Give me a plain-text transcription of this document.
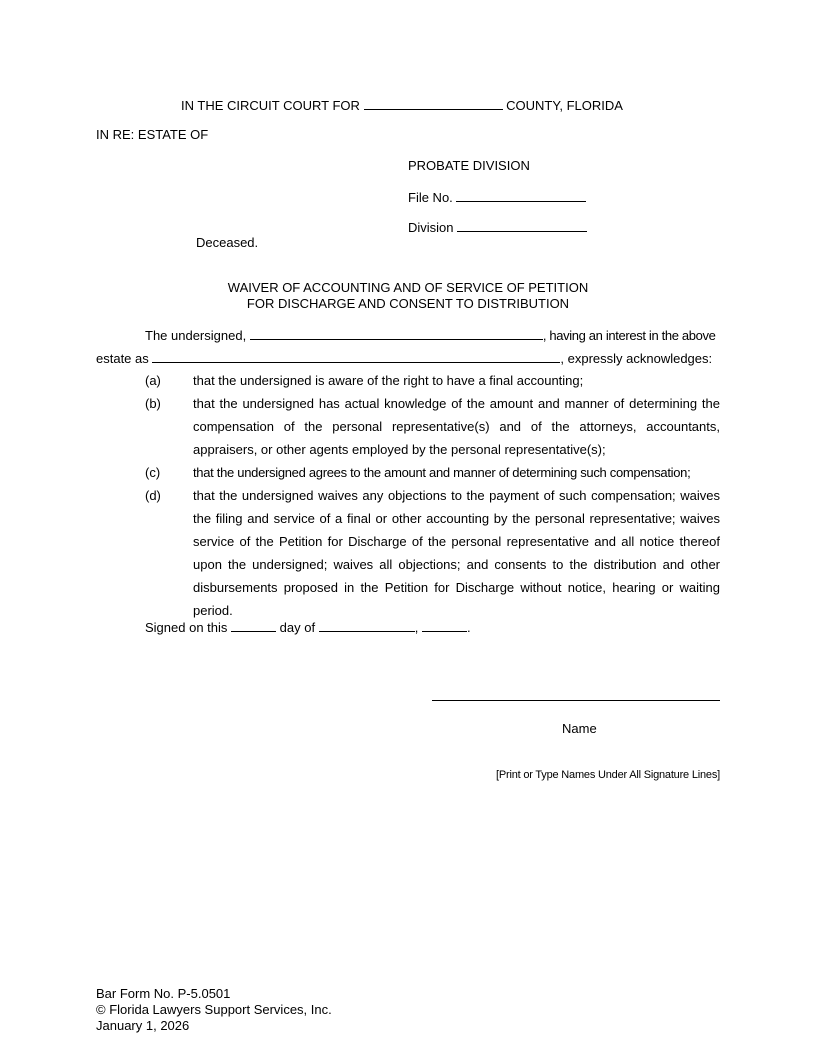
IN THE CIRCUIT COURT FOR	COUNTY, FLORIDA
IN RE: ESTATE OF
PROBATE DIVISION
File No.
Division
Deceased.
WAIVER OF ACCOUNTING AND OF SERVICE OF PETITION
FOR DISCHARGE AND CONSENT TO DISTRIBUTION
The undersigned,	, having an interest in the above
estate as	, expressly acknowledges:
(a) that the undersigned is aware of the right to have a final accounting;
(b) that the undersigned has actual knowledge of the amount and manner of determining the compensation of the personal representative(s) and of the attorneys, accountants, appraisers, or other agents employed by the personal representative(s);
(c)	that the undersigned agrees to the amount and manner of determining such compensation;
(d) that the undersigned waives any objections to the payment of such compensation; waives the filing and service of a final or other accounting by the personal representative; waives service of the Petition for Discharge of the personal representative and all notice thereof upon the undersigned; waives all objections; and consents to the distribution and other disbursements proposed in the Petition for Discharge without notice, hearing or waiting period.
Signed on this	day of	,	.
Name
[Print or Type Names Under All Signature Lines]
Bar Form No. P-5.0501
© Florida Lawyers Support Services, Inc.
January 1, 2026
